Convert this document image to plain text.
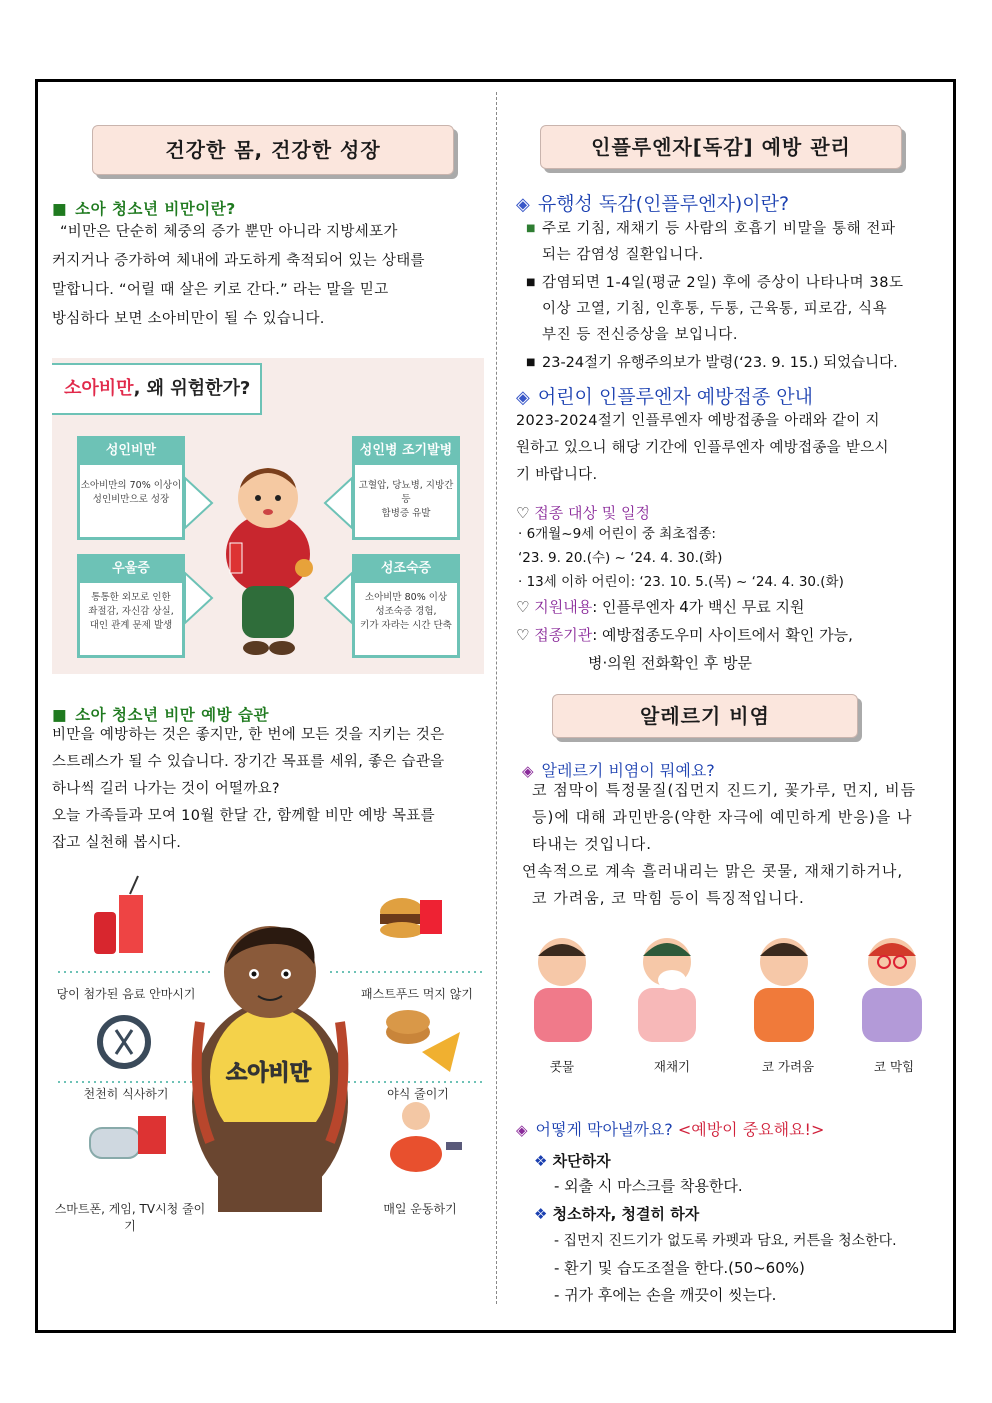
건강한 몸, 건강한 성장
■ 소아 청소년 비만이란?
“비만은 단순히 체중의 증가 뿐만 아니라 지방세포가
커지거나 증가하여 체내에 과도하게 축적되어 있는 상태를
말합니다. “어릴 때 살은 키로 간다.” 라는 말을 믿고
방심하다 보면 소아비만이 될 수 있습니다.
소아비만, 왜 위험한가?
성인비만
소아비만의 70% 이상이
성인비만으로 성장
성인병 조기발병
고혈압, 당뇨병, 지방간 등
합병증 유발
우울증
통통한 외모로 인한
좌절감, 자신감 상실,
대인 관계 문제 발생
성조숙증
소아비만 80% 이상
성조숙증 경험,
키가 자라는 시간 단축
■ 소아 청소년 비만 예방 습관
비만을 예방하는 것은 좋지만, 한 번에 모든 것을 지키는 것은
스트레스가 될 수 있습니다. 장기간 목표를 세워, 좋은 습관을
하나씩 길러 나가는 것이 어떨까요?
오늘 가족들과 모여 10월 한달 간, 함께할 비만 예방 목표를
잡고 실천해 봅시다.
소아비만
당이 첨가된 음료 안마시기	패스트푸드 먹지 않기
천천히 식사하기	야식 줄이기
스마트폰, 게임, TV시청 줄이기
매일 운동하기
인플루엔자[독감] 예방 관리
◈ 유행성 독감(인플루엔자)이란?
■ 주로 기침, 재채기 등 사람의 호흡기 비말을 통해 전파
되는 감염성 질환입니다.
■ 감염되면 1-4일(평균 2일) 후에 증상이 나타나며 38도
이상 고열, 기침, 인후통, 두통, 근육통, 피로감, 식욕
부진 등 전신증상을 보입니다.
■ 23-24절기 유행주의보가 발령(‘23. 9. 15.) 되었습니다.
◈ 어린이 인플루엔자 예방접종 안내
2023-2024절기 인플루엔자 예방접종을 아래와 같이 지
원하고 있으니 해당 기간에 인플루엔자 예방접종을 받으시
기 바랍니다.
♡ 접종 대상 및 일정
· 6개월~9세 어린이 중 최초접종:
‘23. 9. 20.(수) ~ ‘24. 4. 30.(화)
· 13세 이하 어린이: ‘23. 10. 5.(목) ~ ‘24. 4. 30.(화)
♡ 지원내용: 인플루엔자 4가 백신 무료 지원
♡ 접종기관: 예방접종도우미 사이트에서 확인 가능,
병·의원 전화확인 후 방문
알레르기 비염
◈ 알레르기 비염이 뭐예요?
코 점막이 특정물질(집먼지 진드기, 꽃가루, 먼지, 비듬
등)에 대해 과민반응(약한 자극에 예민하게 반응)을 나
타내는 것입니다.
연속적으로 계속 흘러내리는 맑은 콧물, 재채기하거나,
코 가려움, 코 막힘 등이 특징적입니다.
콧물	재채기	코 가려움	코 막힘
◈ 어떻게 막아낼까요? <예방이 중요해요!>
❖ 차단하자
- 외출 시 마스크를 착용한다.
❖ 청소하자, 청결히 하자
- 집먼지 진드기가 없도록 카펫과 담요, 커튼을 청소한다.
- 환기 및 습도조절을 한다.(50~60%)
- 귀가 후에는 손을 깨끗이 씻는다.
